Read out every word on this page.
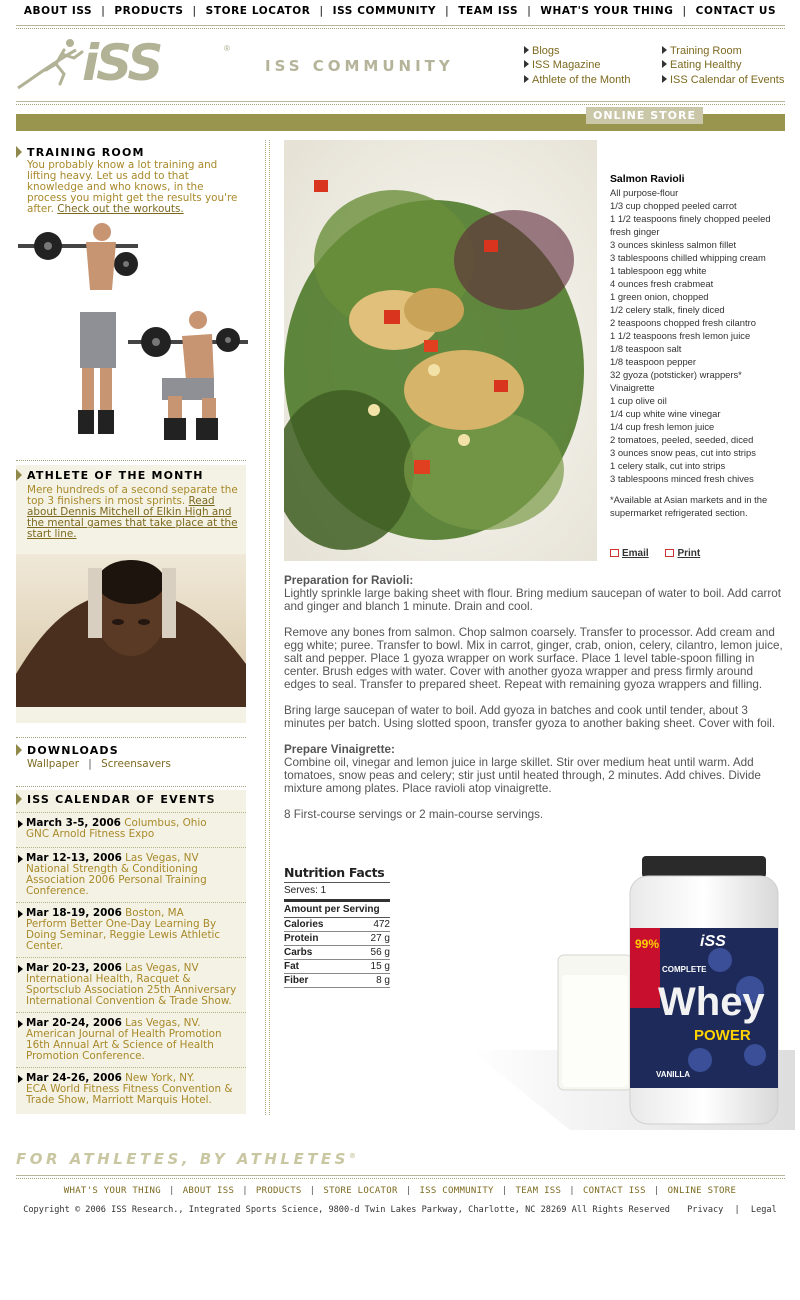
ABOUT ISS | PRODUCTS | STORE LOCATOR | ISS COMMUNITY | TEAM ISS | WHAT'S YOUR THING | CONTACT US
iSS	®
ISS COMMUNITY
Blogs
ISS Magazine
Athlete of the Month
Training Room
Eating Healthy
ISS Calendar of Events
ONLINE STORE
TRAINING ROOM
You probably know a lot training and lifting heavy. Let us add to that knowledge and who knows, in the process you might get the results you're after. Check out the workouts.
ATHLETE OF THE MONTH
Mere hundreds of a second separate the top 3 finishers in most sprints. Read about Dennis Mitchell of Elkin High and the mental games that take place at the start line.
DOWNLOADS
Wallpaper | Screensavers
ISS CALENDAR OF EVENTS
March 3-5, 2006 Columbus, Ohio
GNC Arnold Fitness Expo
Mar 12-13, 2006 Las Vegas, NV
National Strength & Conditioning Association 2006 Personal Training Conference.
Mar 18-19, 2006 Boston, MA
Perform Better One-Day Learning By Doing Seminar, Reggie Lewis Athletic Center.
Mar 20-23, 2006 Las Vegas, NV
International Health, Racquet & Sportsclub Association 25th Anniversary International Convention & Trade Show.
Mar 20-24, 2006 Las Vegas, NV.
American Journal of Health Promotion 16th Annual Art & Science of Health Promotion Conference.
Mar 24-26, 2006 New York, NY.
ECA World Fitness Fitness Convention & Trade Show, Marriott Marquis Hotel.
Salmon Ravioli
All purpose-flour
1/3 cup chopped peeled carrot
1 1/2 teaspoons finely chopped peeled fresh ginger
3 ounces skinless salmon fillet
3 tablespoons chilled whipping cream
1 tablespoon egg white
4 ounces fresh crabmeat
1 green onion, chopped
1/2 celery stalk, finely diced
2 teaspoons chopped fresh cilantro
1 1/2 teaspoons fresh lemon juice
1/8 teaspoon salt
1/8 teaspoon pepper
32 gyoza (potsticker) wrappers*
Vinaigrette
1 cup olive oil
1/4 cup white wine vinegar
1/4 cup fresh lemon juice
2 tomatoes, peeled, seeded, diced
3 ounces snow peas, cut into strips
1 celery stalk, cut into strips
3 tablespoons minced fresh chives
*Available at Asian markets and in the supermarket refrigerated section.
Email	Print
Preparation for Ravioli:

Lightly sprinkle large baking sheet with flour. Bring medium saucepan of water to boil. Add carrot and ginger and blanch 1 minute. Drain and cool.

Remove any bones from salmon. Chop salmon coarsely. Transfer to processor. Add cream and egg white; puree. Transfer to bowl. Mix in carrot, ginger, crab, onion, celery, cilantro, lemon juice, salt and pepper. Place 1 gyoza wrapper on work surface. Place 1 level table-spoon filling in center. Brush edges with water. Cover with another gyoza wrapper and press firmly around edges to seal. Transfer to prepared sheet. Repeat with remaining gyoza wrappers and filling.

Bring large saucepan of water to boil. Add gyoza in batches and cook until tender, about 3 minutes per batch. Using slotted spoon, transfer gyoza to another baking sheet. Cover with foil.

Prepare Vinaigrette:

Combine oil, vinegar and lemon juice in large skillet. Stir over medium heat until warm. Add tomatoes, snow peas and celery; stir just until heated through, 2 minutes. Add chives. Divide mixture among plates. Place ravioli atop vinaigrette.

8 First-course servings or 2 main-course servings.

Nutrition Facts
Serves: 1
Amount per Serving
Calories	472
Protein	27 g
Carbs	56 g
Fat	15 g
Fiber	8 g
99%	iSS
COMPLETE
Whey
POWER
VANILLA
FOR ATHLETES, BY ATHLETES®
WHAT'S YOUR THING | ABOUT ISS | PRODUCTS | STORE LOCATOR | ISS COMMUNITY | TEAM ISS | CONTACT ISS | ONLINE STORE
Copyright © 2006 ISS Research., Integrated Sports Science, 9800-d Twin Lakes Parkway, Charlotte, NC 28269 All Rights Reserved Privacy | Legal
